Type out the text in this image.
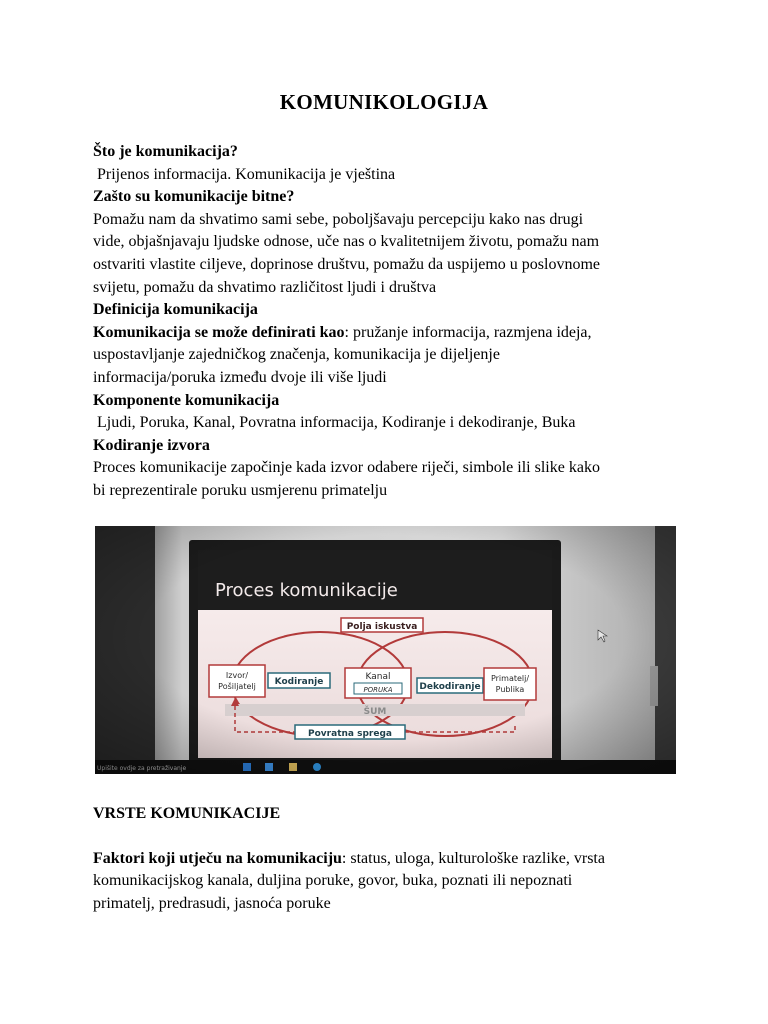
KOMUNIKOLOGIJA

Što je komunikacija?

Prijenos informacija. Komunikacija je vještina

Zašto su komunikacije bitne?

Pomažu nam da shvatimo sami sebe, poboljšavaju percepciju kako nas drugi

vide, objašnjavaju ljudske odnose, uče nas o kvalitetnijem životu, pomažu nam

ostvariti vlastite ciljeve, doprinose društvu, pomažu da uspijemo u poslovnome

svijetu, pomažu da shvatimo različitost ljudi i društva

Definicija komunikacija

Komunikacija se može definirati kao: pružanje informacija, razmjena ideja,

uspostavljanje zajedničkog značenja, komunikacija je dijeljenje

informacija/poruka između dvoje ili više ljudi

Komponente komunikacija

Ljudi, Poruka, Kanal, Povratna informacija, Kodiranje i dekodiranje, Buka

Kodiranje izvora

Proces komunikacije započinje kada izvor odabere riječi, simbole ili slike kako

bi reprezentirale poruku usmjerenu primatelju

VRSTE KOMUNIKACIJE

Faktori koji utječu na komunikaciju: status, uloga, kulturološke razlike, vrsta

komunikacijskog kanala, duljina poruke, govor, buka, poznati ili nepoznati

primatelj, predrasudi, jasnoća poruke
